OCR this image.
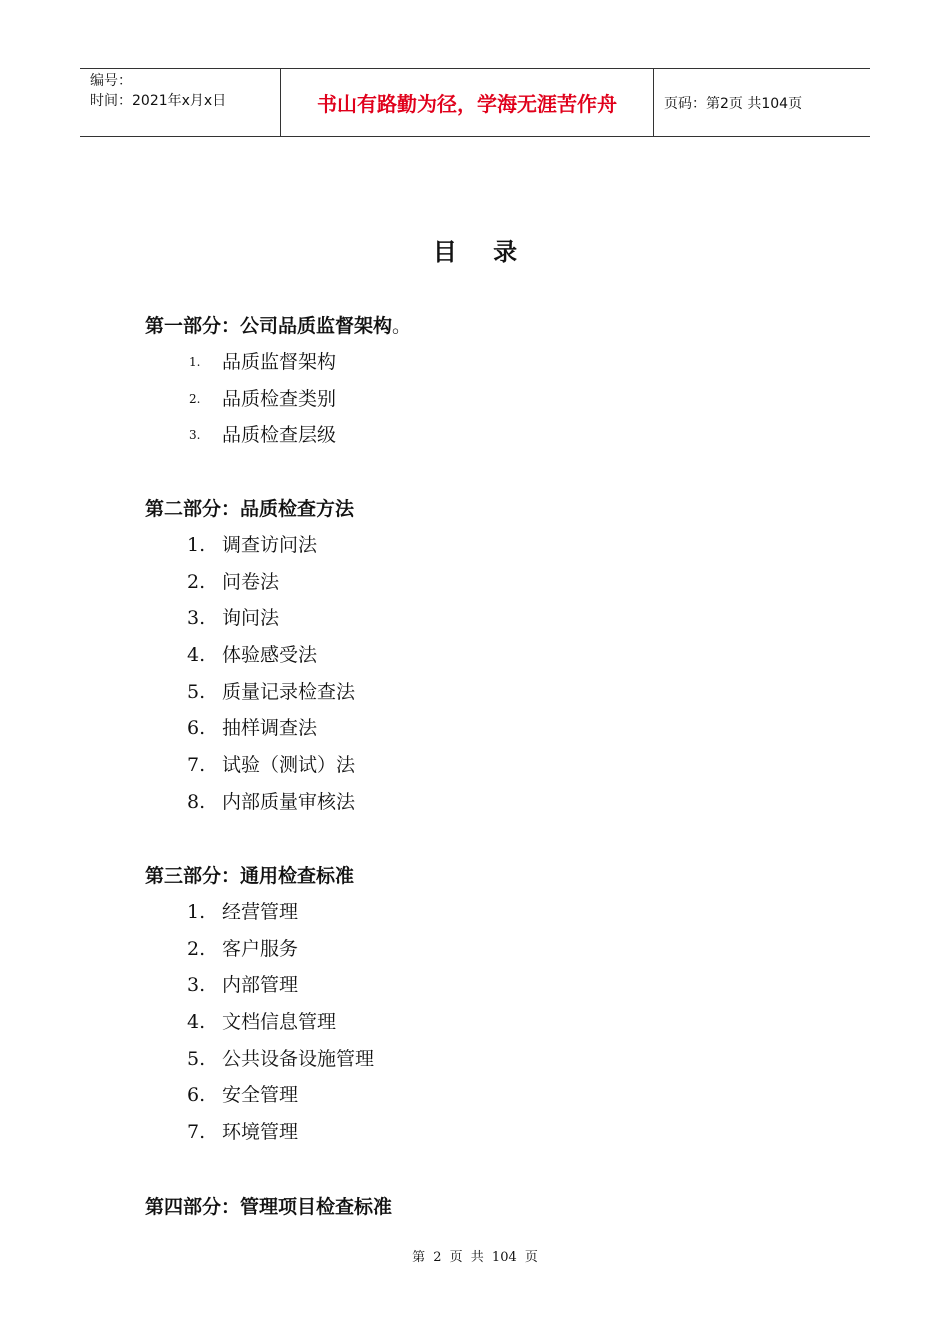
编号：
时间：2021年x月x日	书山有路勤为径，学海无涯苦作舟	页码：第2页 共104页
目 录
第一部分：公司品质监督架构。
1.	品质监督架构
2.	品质检查类别
3.	品质检查层级
第二部分：品质检查方法
1. 调查访问法
2. 问卷法
3. 询问法
4. 体验感受法
5. 质量记录检查法
6. 抽样调查法
7. 试验（测试）法
8. 内部质量审核法
第三部分：通用检查标准
1. 经营管理
2. 客户服务
3. 内部管理
4. 文档信息管理
5. 公共设备设施管理
6. 安全管理
7. 环境管理
第四部分：管理项目检查标准
第 2 页 共 104 页
